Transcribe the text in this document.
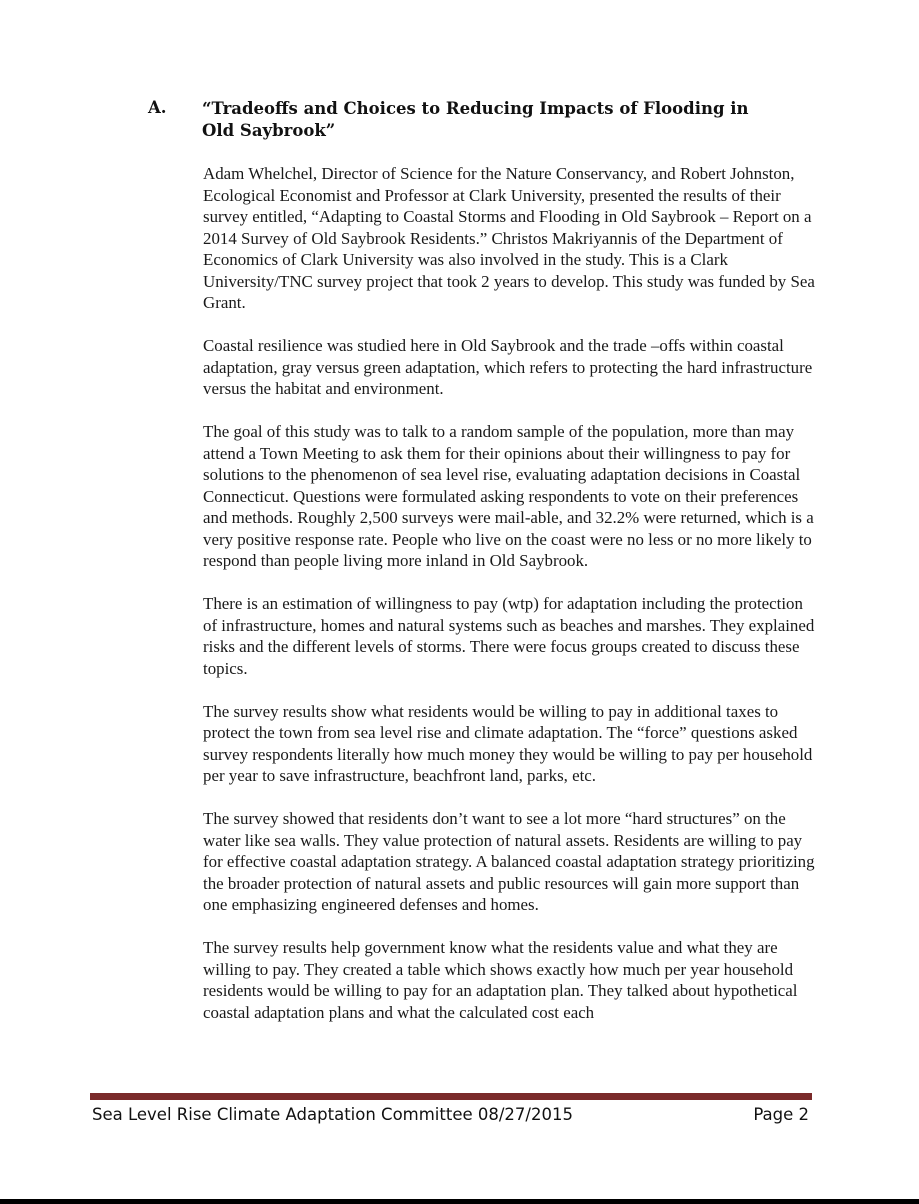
A. “Tradeoffs and Choices to Reducing Impacts of Flooding in Old Saybrook”

Adam Whelchel, Director of Science for the Nature Conservancy, and Robert Johnston, Ecological Economist and Professor at Clark University, presented the results of their survey entitled, “Adapting to Coastal Storms and Flooding in Old Saybrook – Report on a 2014 Survey of Old Saybrook Residents.” Christos Makriyannis of the Department of Economics of Clark University was also involved in the study. This is a Clark University/TNC survey project that took 2 years to develop. This study was funded by Sea Grant.

Coastal resilience was studied here in Old Saybrook and the trade –offs within coastal adaptation, gray versus green adaptation, which refers to protecting the hard infrastructure versus the habitat and environment.

The goal of this study was to talk to a random sample of the population, more than may attend a Town Meeting to ask them for their opinions about their willingness to pay for solutions to the phenomenon of sea level rise, evaluating adaptation decisions in Coastal Connecticut. Questions were formulated asking respondents to vote on their preferences and methods. Roughly 2,500 surveys were mail-able, and 32.2% were returned, which is a very positive response rate. People who live on the coast were no less or no more likely to respond than people living more inland in Old Saybrook.

There is an estimation of willingness to pay (wtp) for adaptation including the protection of infrastructure, homes and natural systems such as beaches and marshes. They explained risks and the different levels of storms. There were focus groups created to discuss these topics.

The survey results show what residents would be willing to pay in additional taxes to protect the town from sea level rise and climate adaptation. The “force” questions asked survey respondents literally how much money they would be willing to pay per household per year to save infrastructure, beachfront land, parks, etc.

The survey showed that residents don’t want to see a lot more “hard structures” on the water like sea walls. They value protection of natural assets. Residents are willing to pay for effective coastal adaptation strategy. A balanced coastal adaptation strategy prioritizing the broader protection of natural assets and public resources will gain more support than one emphasizing engineered defenses and homes.

The survey results help government know what the residents value and what they are willing to pay. They created a table which shows exactly how much per year household residents would be willing to pay for an adaptation plan. They talked about hypothetical coastal adaptation plans and what the calculated cost each

Sea Level Rise Climate Adaptation Committee 08/27/2015	Page 2
